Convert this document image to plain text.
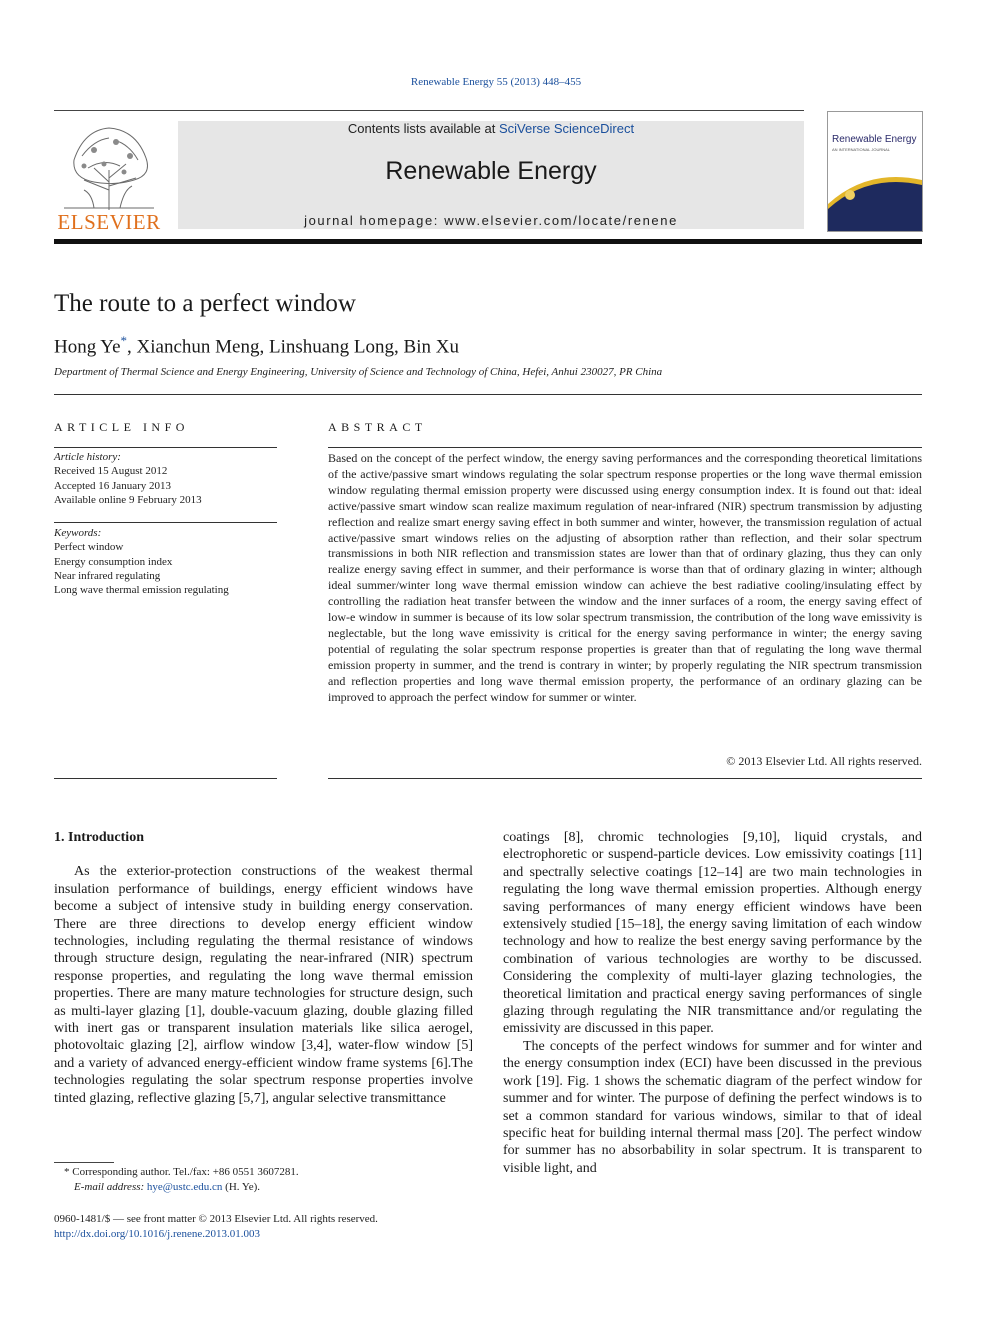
Renewable Energy 55 (2013) 448–455
ELSEVIER
Contents lists available at SciVerse ScienceDirect
Renewable Energy
journal homepage: www.elsevier.com/locate/renene
Renewable Energy
AN INTERNATIONAL JOURNAL
The route to a perfect window
Hong Ye*, Xianchun Meng, Linshuang Long, Bin Xu
Department of Thermal Science and Energy Engineering, University of Science and Technology of China, Hefei, Anhui 230027, PR China
ARTICLE INFO	ABSTRACT
Article history:
Received 15 August 2012
Accepted 16 January 2013
Available online 9 February 2013
Keywords:
Perfect window
Energy consumption index
Near infrared regulating
Long wave thermal emission regulating
Based on the concept of the perfect window, the energy saving performances and the corresponding theoretical limitations of the active/passive smart windows regulating the solar spectrum response properties or the long wave thermal emission window regulating thermal emission property were discussed using energy consumption index. It is found out that: ideal active/passive smart window scan realize maximum regulation of near-infrared (NIR) spectrum transmission by adjusting reflection and realize smart energy saving effect in both summer and winter, however, the transmission regulation of actual active/passive smart windows relies on the adjusting of absorption rather than reflection, and their solar spectrum transmissions in both NIR reflection and transmission states are lower than that of ordinary glazing, thus they can only realize energy saving effect in summer, and their performance is worse than that of ordinary glazing in winter; although ideal summer/winter long wave thermal emission window can achieve the best radiative cooling/insulating effect by controlling the radiation heat transfer between the window and the inner surfaces of a room, the energy saving effect of low-e window in summer is because of its low solar spectrum transmission, the contribution of the long wave emissivity is neglectable, but the long wave emissivity is critical for the energy saving performance in winter; the energy saving potential of regulating the solar spectrum response properties is greater than that of regulating the long wave thermal emission property in summer, and the trend is contrary in winter; by properly regulating the NIR spectrum transmission and reflection properties and long wave thermal emission property, the performance of an ordinary glazing can be improved to approach the perfect window for summer or winter.
© 2013 Elsevier Ltd. All rights reserved.
1. Introduction

As the exterior-protection constructions of the weakest thermal insulation performance of buildings, energy efficient windows have become a subject of intensive study in building energy conservation. There are three directions to develop energy efficient window technologies, including regulating the thermal resistance of windows through structure design, regulating the near-infrared (NIR) spectrum response properties, and regulating the long wave thermal emission properties. There are many mature technologies for structure design, such as multi-layer glazing [1], double-vacuum glazing, double glazing filled with inert gas or transparent insulation materials like silica aerogel, photovoltaic glazing [2], airflow window [3,4], water-flow window [5] and a variety of advanced energy-efficient window frame systems [6].The technologies regulating the solar spectrum response properties involve tinted glazing, reflective glazing [5,7], angular selective transmittance

coatings [8], chromic technologies [9,10], liquid crystals, and electrophoretic or suspend-particle devices. Low emissivity coatings [11] and spectrally selective coatings [12–14] are two main technologies in regulating the long wave thermal emission properties. Although energy saving performances of many energy efficient windows have been extensively studied [15–18], the energy saving limitation of each window technology and how to realize the best energy saving performance by the combination of various technologies are worthy to be discussed. Considering the complexity of multi-layer glazing technologies, the theoretical limitation and practical energy saving performances of single glazing through regulating the NIR transmittance and/or regulating the emissivity are discussed in this paper.

The concepts of the perfect windows for summer and for winter and the energy consumption index (ECI) have been discussed in the previous work [19]. Fig. 1 shows the schematic diagram of the perfect window for summer and for winter. The purpose of defining the perfect windows is to set a common standard for various windows, similar to that of ideal specific heat for building internal thermal mass [20]. The perfect window for summer has no absorbability in solar spectrum. It is transparent to visible light, and

* Corresponding author. Tel./fax: +86 0551 3607281.
E-mail address: hye@ustc.edu.cn (H. Ye).
0960-1481/$ — see front matter © 2013 Elsevier Ltd. All rights reserved.
http://dx.doi.org/10.1016/j.renene.2013.01.003
